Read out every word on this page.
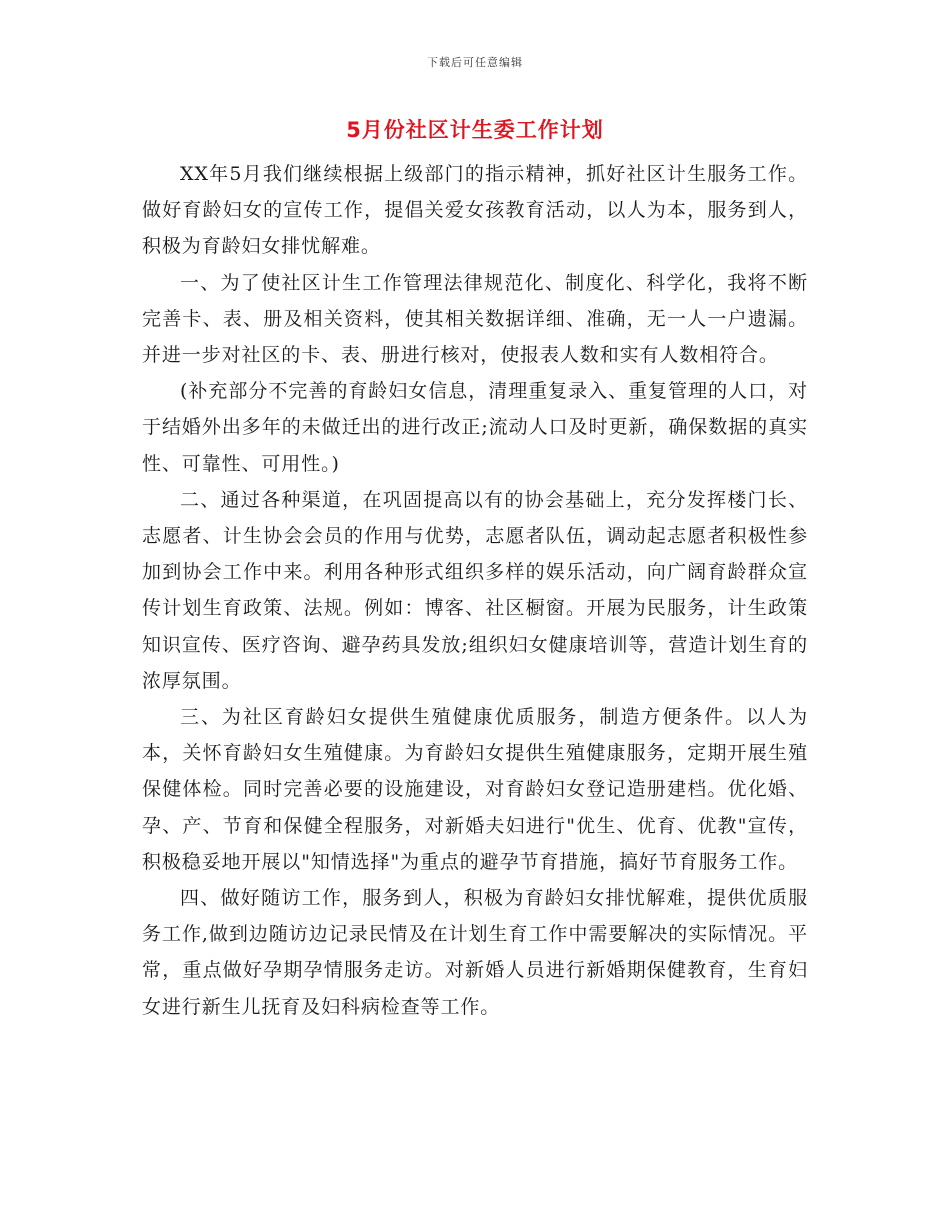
下载后可任意编辑
5月份社区计生委工作计划

XX年5月我们继续根据上级部门的指示精神，抓好社区计生服务工作。做好育龄妇女的宣传工作，提倡关爱女孩教育活动，以人为本，服务到人，积极为育龄妇女排忧解难。

一、为了使社区计生工作管理法律规范化、制度化、科学化，我将不断完善卡、表、册及相关资料，使其相关数据详细、准确，无一人一户遗漏。并进一步对社区的卡、表、册进行核对，使报表人数和实有人数相符合。

(补充部分不完善的育龄妇女信息，清理重复录入、重复管理的人口，对于结婚外出多年的未做迁出的进行改正;流动人口及时更新，确保数据的真实性、可靠性、可用性。)

二、通过各种渠道，在巩固提高以有的协会基础上，充分发挥楼门长、志愿者、计生协会会员的作用与优势，志愿者队伍，调动起志愿者积极性参加到协会工作中来。利用各种形式组织多样的娱乐活动，向广阔育龄群众宣传计划生育政策、法规。例如：博客、社区橱窗。开展为民服务，计生政策知识宣传、医疗咨询、避孕药具发放;组织妇女健康培训等，营造计划生育的浓厚氛围。

三、为社区育龄妇女提供生殖健康优质服务，制造方便条件。以人为本，关怀育龄妇女生殖健康。为育龄妇女提供生殖健康服务，定期开展生殖保健体检。同时完善必要的设施建设，对育龄妇女登记造册建档。优化婚、孕、产、节育和保健全程服务，对新婚夫妇进行"优生、优育、优教"宣传，积极稳妥地开展以"知情选择"为重点的避孕节育措施，搞好节育服务工作。

四、做好随访工作，服务到人，积极为育龄妇女排忧解难，提供优质服务工作,做到边随访边记录民情及在计划生育工作中需要解决的实际情况。平常，重点做好孕期孕情服务走访。对新婚人员进行新婚期保健教育，生育妇女进行新生儿抚育及妇科病检查等工作。
